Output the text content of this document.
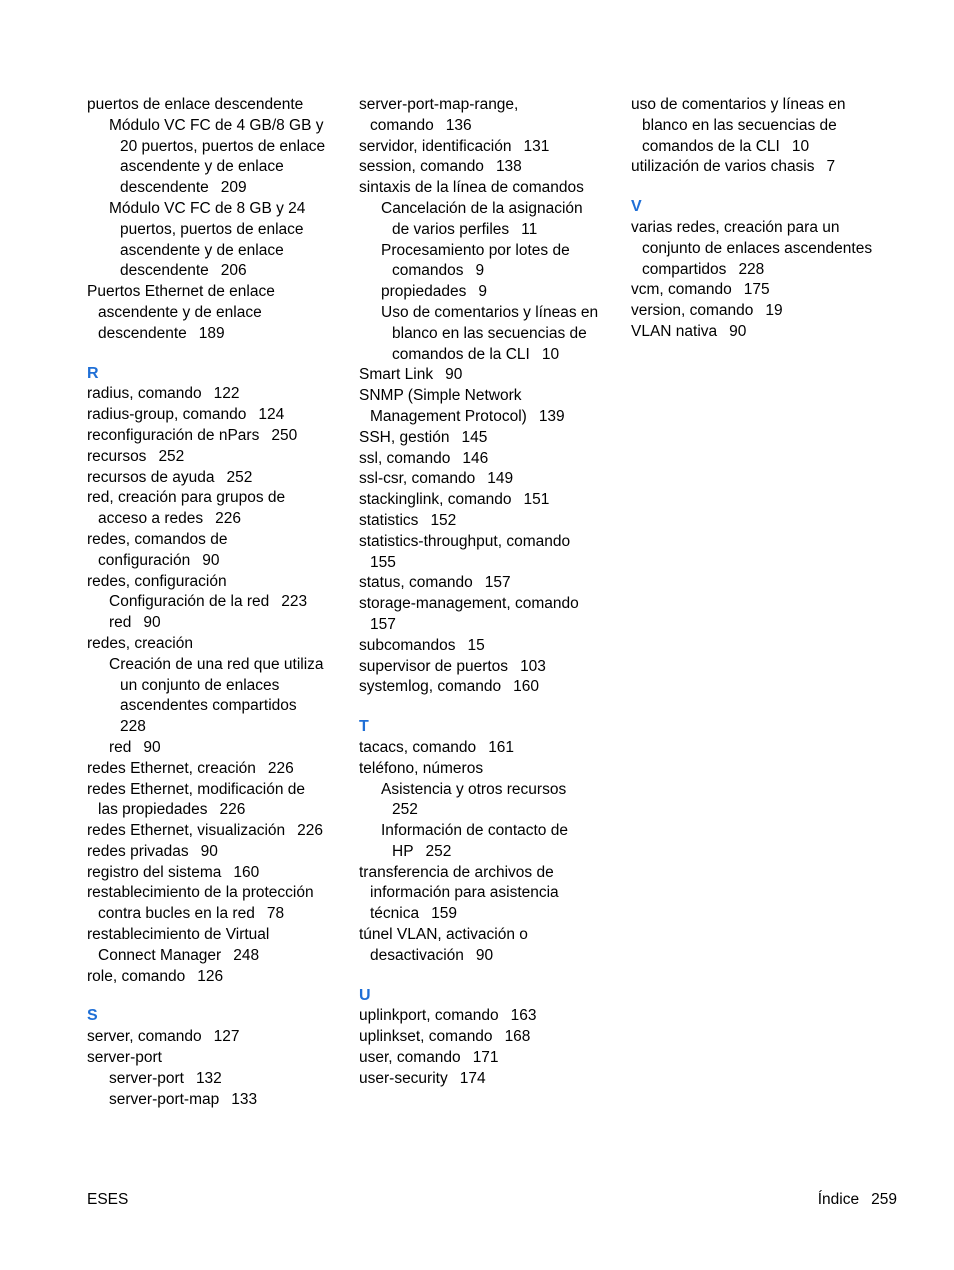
puertos de enlace descendente
Módulo VC FC de 4 GB/8 GB y
20 puertos, puertos de enlace
ascendente y de enlace
descendente 209
Módulo VC FC de 8 GB y 24
puertos, puertos de enlace
ascendente y de enlace
descendente 206
Puertos Ethernet de enlace
ascendente y de enlace
descendente 189
R
radius, comando 122
radius-group, comando 124
reconfiguración de nPars 250
recursos 252
recursos de ayuda 252
red, creación para grupos de
acceso a redes 226
redes, comandos de
configuración 90
redes, configuración
Configuración de la red 223
red 90
redes, creación
Creación de una red que utiliza
un conjunto de enlaces
ascendentes compartidos
228
red 90
redes Ethernet, creación 226
redes Ethernet, modificación de
las propiedades 226
redes Ethernet, visualización 226
redes privadas 90
registro del sistema 160
restablecimiento de la protección
contra bucles en la red 78
restablecimiento de Virtual
Connect Manager 248
role, comando 126
S
server, comando 127
server-port
server-port 132
server-port-map 133
server-port-map-range,
comando 136
servidor, identificación 131
session, comando 138
sintaxis de la línea de comandos
Cancelación de la asignación
de varios perfiles 11
Procesamiento por lotes de
comandos 9
propiedades 9
Uso de comentarios y líneas en
blanco en las secuencias de
comandos de la CLI 10
Smart Link 90
SNMP (Simple Network
Management Protocol) 139
SSH, gestión 145
ssl, comando 146
ssl-csr, comando 149
stackinglink, comando 151
statistics 152
statistics-throughput, comando
155
status, comando 157
storage-management, comando
157
subcomandos 15
supervisor de puertos 103
systemlog, comando 160
T
tacacs, comando 161
teléfono, números
Asistencia y otros recursos
252
Información de contacto de
HP 252
transferencia de archivos de
información para asistencia
técnica 159
túnel VLAN, activación o
desactivación 90
U
uplinkport, comando 163
uplinkset, comando 168
user, comando 171
user-security 174
uso de comentarios y líneas en
blanco en las secuencias de
comandos de la CLI 10
utilización de varios chasis 7
V
varias redes, creación para un
conjunto de enlaces ascendentes
compartidos 228
vcm, comando 175
version, comando 19
VLAN nativa 90
ESES	Índice 259
